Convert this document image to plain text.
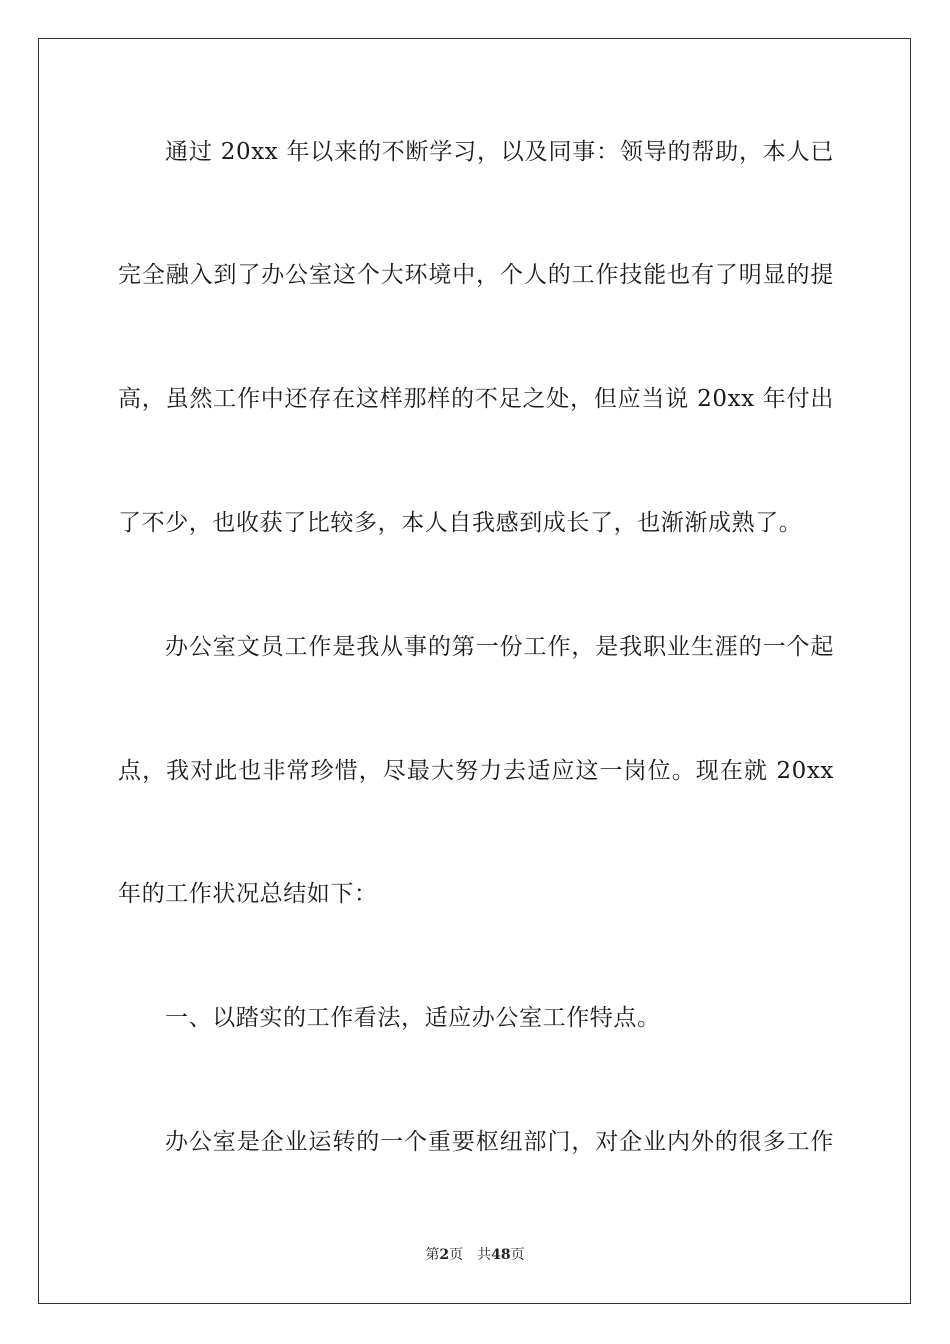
通过 20xx 年以来的不断学习，以及同事：领导的帮助，本人已
完全融入到了办公室这个大环境中，个人的工作技能也有了明显的提
高，虽然工作中还存在这样那样的不足之处，但应当说 20xx 年付出
了不少，也收获了比较多，本人自我感到成长了，也渐渐成熟了。
办公室文员工作是我从事的第一份工作，是我职业生涯的一个起
点，我对此也非常珍惜，尽最大努力去适应这一岗位。现在就 20xx
年的工作状况总结如下：
一、以踏实的工作看法，适应办公室工作特点。
办公室是企业运转的一个重要枢纽部门，对企业内外的很多工作
第2页 共48页
